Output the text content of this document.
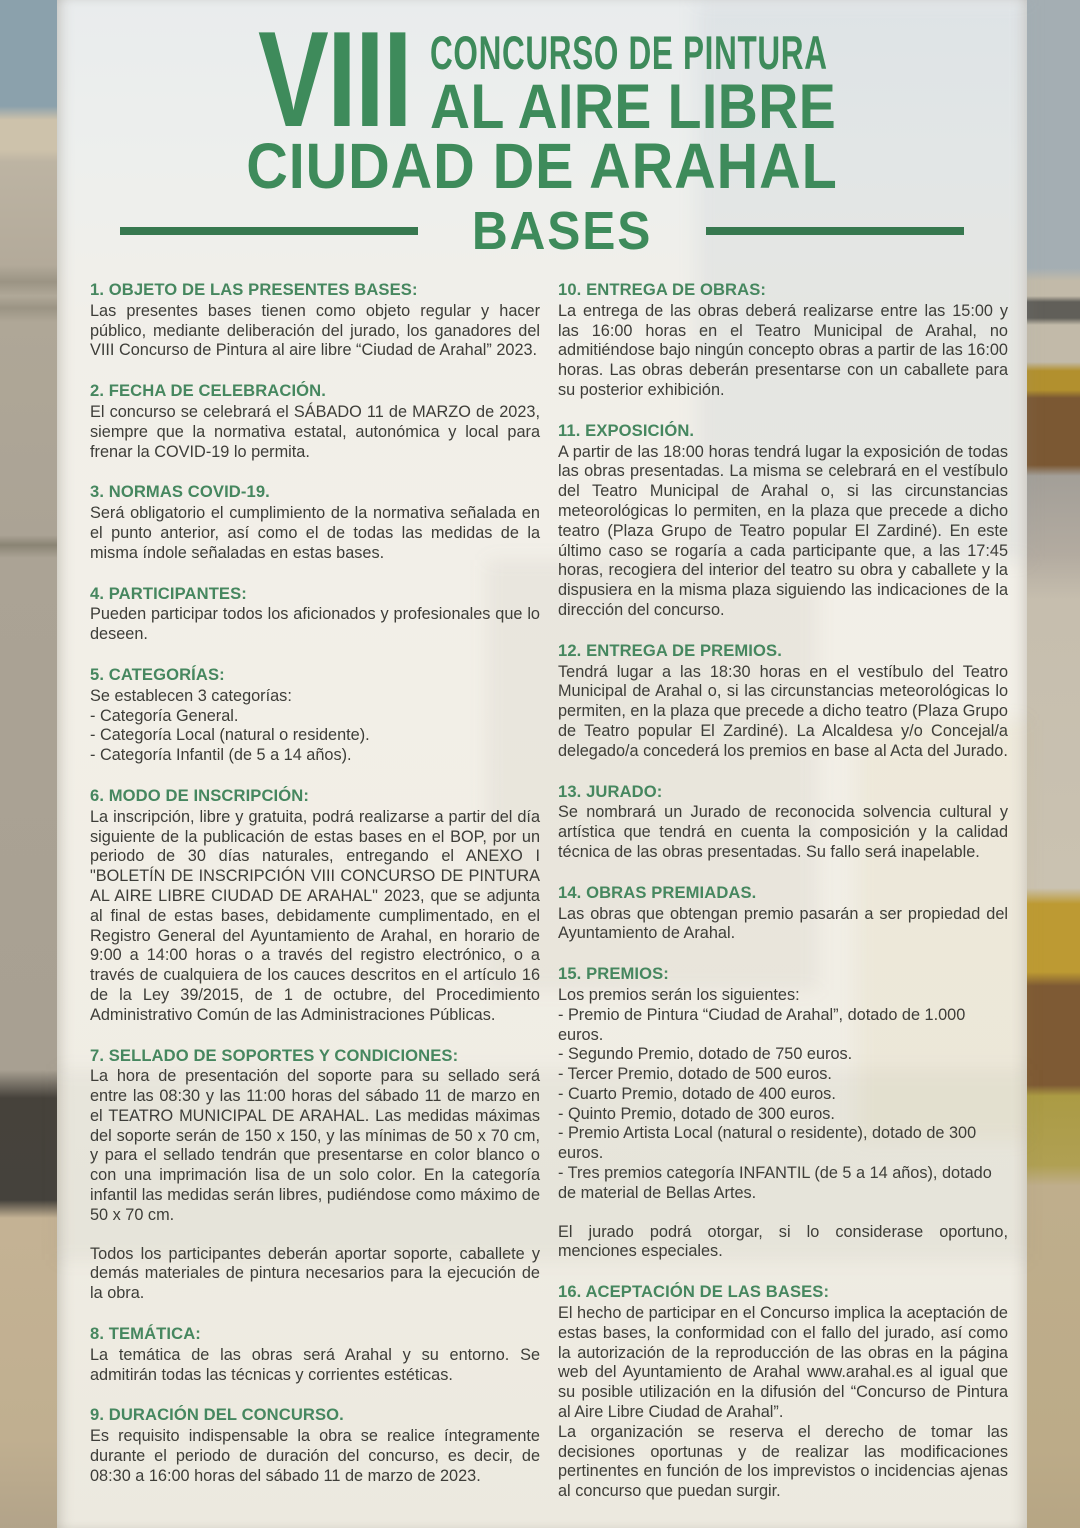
VIII CONCURSO DE PINTURA
AL AIRE LIBRE
CIUDAD DE ARAHAL
BASES
1. OBJETO DE LAS PRESENTES BASES:

Las presentes bases tienen como objeto regular y hacer público, mediante deliberación del jurado, los ganadores del VIII Concurso de Pintura al aire libre “Ciudad de Arahal” 2023.

2. FECHA DE CELEBRACIÓN.

El concurso se celebrará el SÁBADO 11 de MARZO de 2023, siempre que la normativa estatal, autonómica y local para frenar la COVID-19 lo permita.

3. NORMAS COVID-19.

Será obligatorio el cumplimiento de la normativa señalada en el punto anterior, así como el de todas las medidas de la misma índole señaladas en estas bases.

4. PARTICIPANTES:

Pueden participar todos los aficionados y profesionales que lo deseen.

5. CATEGORÍAS:

Se establecen 3 categorías:

- Categoría General.

- Categoría Local (natural o residente).

- Categoría Infantil (de 5 a 14 años).

6. MODO DE INSCRIPCIÓN:

La inscripción, libre y gratuita, podrá realizarse a partir del día siguiente de la publicación de estas bases en el BOP, por un periodo de 30 días naturales, entregando el ANEXO I "BOLETÍN DE INSCRIPCIÓN VIII CONCURSO DE PINTURA AL AIRE LIBRE CIUDAD DE ARAHAL" 2023, que se adjunta al final de estas bases, debidamente cumplimentado, en el Registro General del Ayuntamiento de Arahal, en horario de 9:00 a 14:00 horas o a través del registro electrónico, o a través de cualquiera de los cauces descritos en el artículo 16 de la Ley 39/2015, de 1 de octubre, del Procedimiento Administrativo Común de las Administraciones Públicas.

7. SELLADO DE SOPORTES Y CONDICIONES:

La hora de presentación del soporte para su sellado será entre las 08:30 y las 11:00 horas del sábado 11 de marzo en el TEATRO MUNICIPAL DE ARAHAL. Las medidas máximas del soporte serán de 150 x 150, y las mínimas de 50 x 70 cm, y para el sellado tendrán que presentarse en color blanco o con una imprimación lisa de un solo color. En la categoría infantil las medidas serán libres, pudiéndose como máximo de 50 x 70 cm.

Todos los participantes deberán aportar soporte, caballete y demás materiales de pintura necesarios para la ejecución de la obra.

8. TEMÁTICA:

La temática de las obras será Arahal y su entorno. Se admitirán todas las técnicas y corrientes estéticas.

9. DURACIÓN DEL CONCURSO.

Es requisito indispensable la obra se realice íntegramente durante el periodo de duración del concurso, es decir, de 08:30 a 16:00 horas del sábado 11 de marzo de 2023.

10. ENTREGA DE OBRAS:

La entrega de las obras deberá realizarse entre las 15:00 y las 16:00 horas en el Teatro Municipal de Arahal, no admitiéndose bajo ningún concepto obras a partir de las 16:00 horas. Las obras deberán presentarse con un caballete para su posterior exhibición.

11. EXPOSICIÓN.

A partir de las 18:00 horas tendrá lugar la exposición de todas las obras presentadas. La misma se celebrará en el vestíbulo del Teatro Municipal de Arahal o, si las circunstancias meteorológicas lo permiten, en la plaza que precede a dicho teatro (Plaza Grupo de Teatro popular El Zardiné). En este último caso se rogaría a cada participante que, a las 17:45 horas, recogiera del interior del teatro su obra y caballete y la dispusiera en la misma plaza siguiendo las indicaciones de la dirección del concurso.

12. ENTREGA DE PREMIOS.

Tendrá lugar a las 18:30 horas en el vestíbulo del Teatro Municipal de Arahal o, si las circunstancias meteorológicas lo permiten, en la plaza que precede a dicho teatro (Plaza Grupo de Teatro popular El Zardiné). La Alcaldesa y/o Concejal/a delegado/a concederá los premios en base al Acta del Jurado.

13. JURADO:

Se nombrará un Jurado de reconocida solvencia cultural y artística que tendrá en cuenta la composición y la calidad técnica de las obras presentadas. Su fallo será inapelable.

14. OBRAS PREMIADAS.

Las obras que obtengan premio pasarán a ser propiedad del Ayuntamiento de Arahal.

15. PREMIOS:

Los premios serán los siguientes:

- Premio de Pintura “Ciudad de Arahal”, dotado de 1.000 euros.

- Segundo Premio, dotado de 750 euros.

- Tercer Premio, dotado de 500 euros.

- Cuarto Premio, dotado de 400 euros.

- Quinto Premio, dotado de 300 euros.

- Premio Artista Local (natural o residente), dotado de 300 euros.

- Tres premios categoría INFANTIL (de 5 a 14 años), dotado de material de Bellas Artes.

El jurado podrá otorgar, si lo considerase oportuno, menciones especiales.

16. ACEPTACIÓN DE LAS BASES:

El hecho de participar en el Concurso implica la aceptación de estas bases, la conformidad con el fallo del jurado, así como la autorización de la reproducción de las obras en la página web del Ayuntamiento de Arahal www.arahal.es al igual que su posible utilización en la difusión del “Concurso de Pintura al Aire Libre Ciudad de Arahal”.

La organización se reserva el derecho de tomar las decisiones oportunas y de realizar las modificaciones pertinentes en función de los imprevistos o incidencias ajenas al concurso que puedan surgir.
